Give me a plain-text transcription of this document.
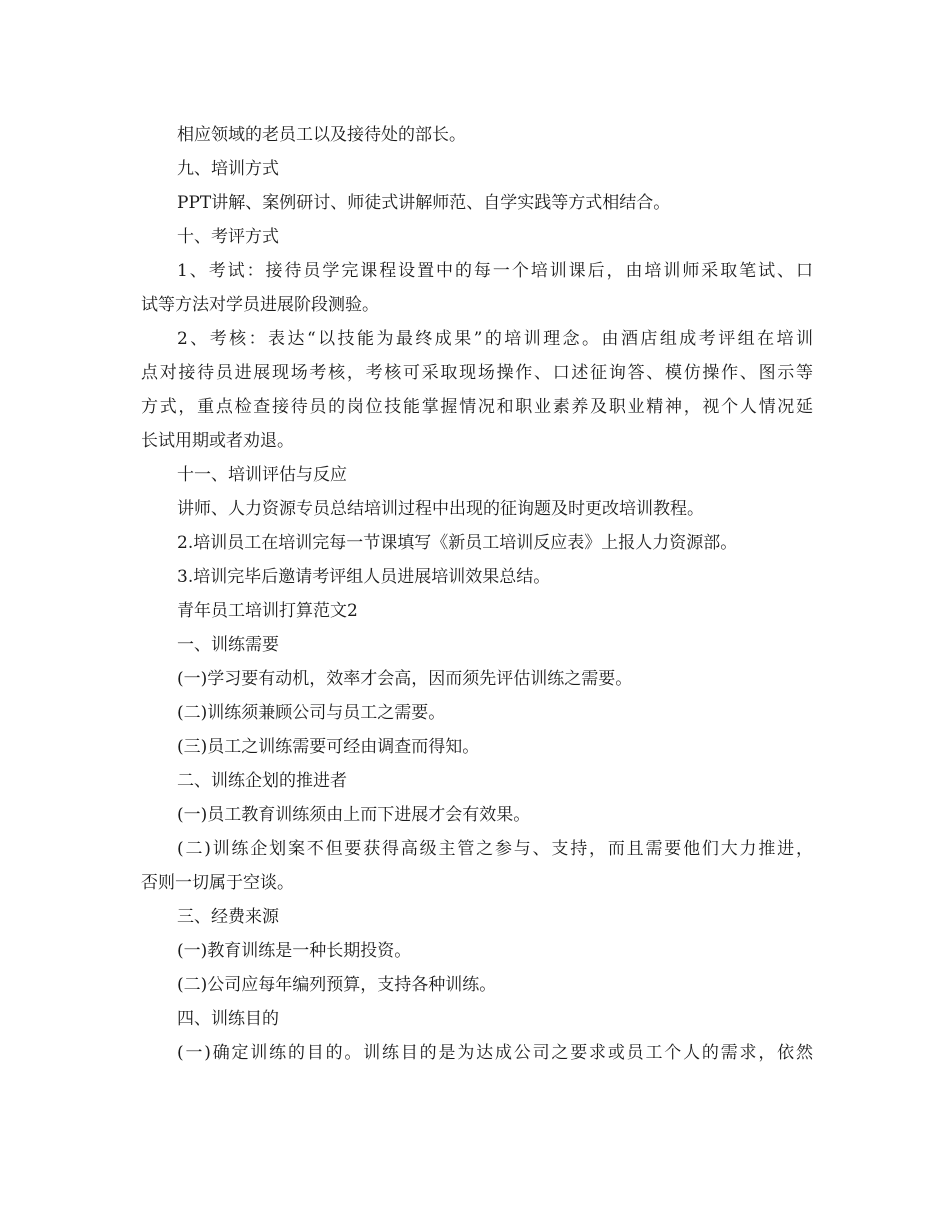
相应领域的老员工以及接待处的部长。
九、培训方式
PPT讲解、案例研讨、师徒式讲解师范、自学实践等方式相结合。
十、考评方式
1、考试：接待员学完课程设置中的每一个培训课后，由培训师采取笔试、口
试等方法对学员进展阶段测验。
2、考核：表达“以技能为最终成果”的培训理念。由酒店组成考评组在培训
点对接待员进展现场考核，考核可采取现场操作、口述征询答、模仿操作、图示等
方式，重点检查接待员的岗位技能掌握情况和职业素养及职业精神，视个人情况延
长试用期或者劝退。
十一、培训评估与反应
讲师、人力资源专员总结培训过程中出现的征询题及时更改培训教程。
2.培训员工在培训完每一节课填写《新员工培训反应表》上报人力资源部。
3.培训完毕后邀请考评组人员进展培训效果总结。
青年员工培训打算范文2
一、训练需要
(一)学习要有动机，效率才会高，因而须先评估训练之需要。
(二)训练须兼顾公司与员工之需要。
(三)员工之训练需要可经由调查而得知。
二、训练企划的推进者
(一)员工教育训练须由上而下进展才会有效果。
(二)训练企划案不但要获得高级主管之参与、支持，而且需要他们大力推进，
否则一切属于空谈。
三、经费来源
(一)教育训练是一种长期投资。
(二)公司应每年编列预算，支持各种训练。
四、训练目的
(一)确定训练的目的。训练目的是为达成公司之要求或员工个人的需求，依然
